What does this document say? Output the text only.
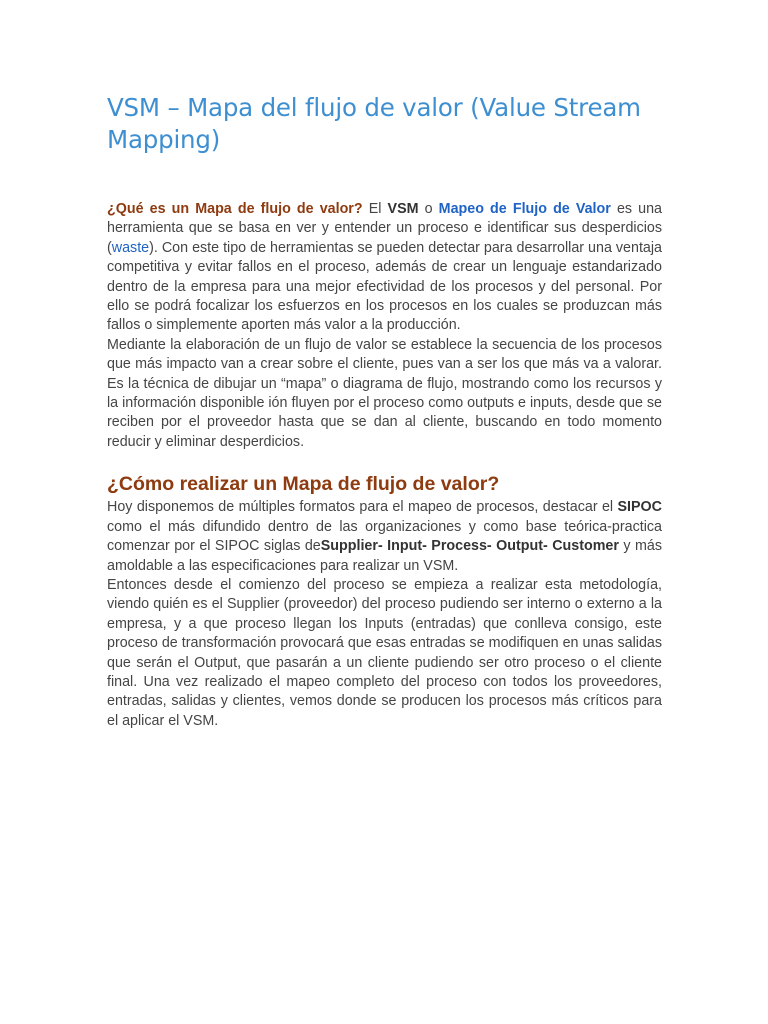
VSM – Mapa del flujo de valor (Value Stream Mapping)

¿Qué es un Mapa de flujo de valor? El VSM o Mapeo de Flujo de Valor es una herramienta que se basa en ver y entender un proceso e identificar sus desperdicios (waste). Con este tipo de herramientas se pueden detectar para desarrollar una ventaja competitiva y evitar fallos en el proceso, además de crear un lenguaje estandarizado dentro de la empresa para una mejor efectividad de los procesos y del personal. Por ello se podrá focalizar los esfuerzos en los procesos en los cuales se produzcan más fallos o simplemente aporten más valor a la producción.

Mediante la elaboración de un flujo de valor se establece la secuencia de los procesos que más impacto van a crear sobre el cliente, pues van a ser los que más va a valorar. Es la técnica de dibujar un “mapa” o diagrama de flujo, mostrando como los recursos y la información disponible ión fluyen por el proceso como outputs e inputs, desde que se reciben por el proveedor hasta que se dan al cliente, buscando en todo momento reducir y eliminar desperdicios.

¿Cómo realizar un Mapa de flujo de valor?

Hoy disponemos de múltiples formatos para el mapeo de procesos, destacar el SIPOC como el más difundido dentro de las organizaciones y como base teórica-practica comenzar por el SIPOC siglas deSupplier- Input- Process- Output- Customer y más amoldable a las especificaciones para realizar un VSM.

Entonces desde el comienzo del proceso se empieza a realizar esta metodología, viendo quién es el Supplier (proveedor) del proceso pudiendo ser interno o externo a la empresa, y a que proceso llegan los Inputs (entradas) que conlleva consigo, este proceso de transformación provocará que esas entradas se modifiquen en unas salidas que serán el Output, que pasarán a un cliente pudiendo ser otro proceso o el cliente final. Una vez realizado el mapeo completo del proceso con todos los proveedores, entradas, salidas y clientes, vemos donde se producen los procesos más críticos para el aplicar el VSM.
